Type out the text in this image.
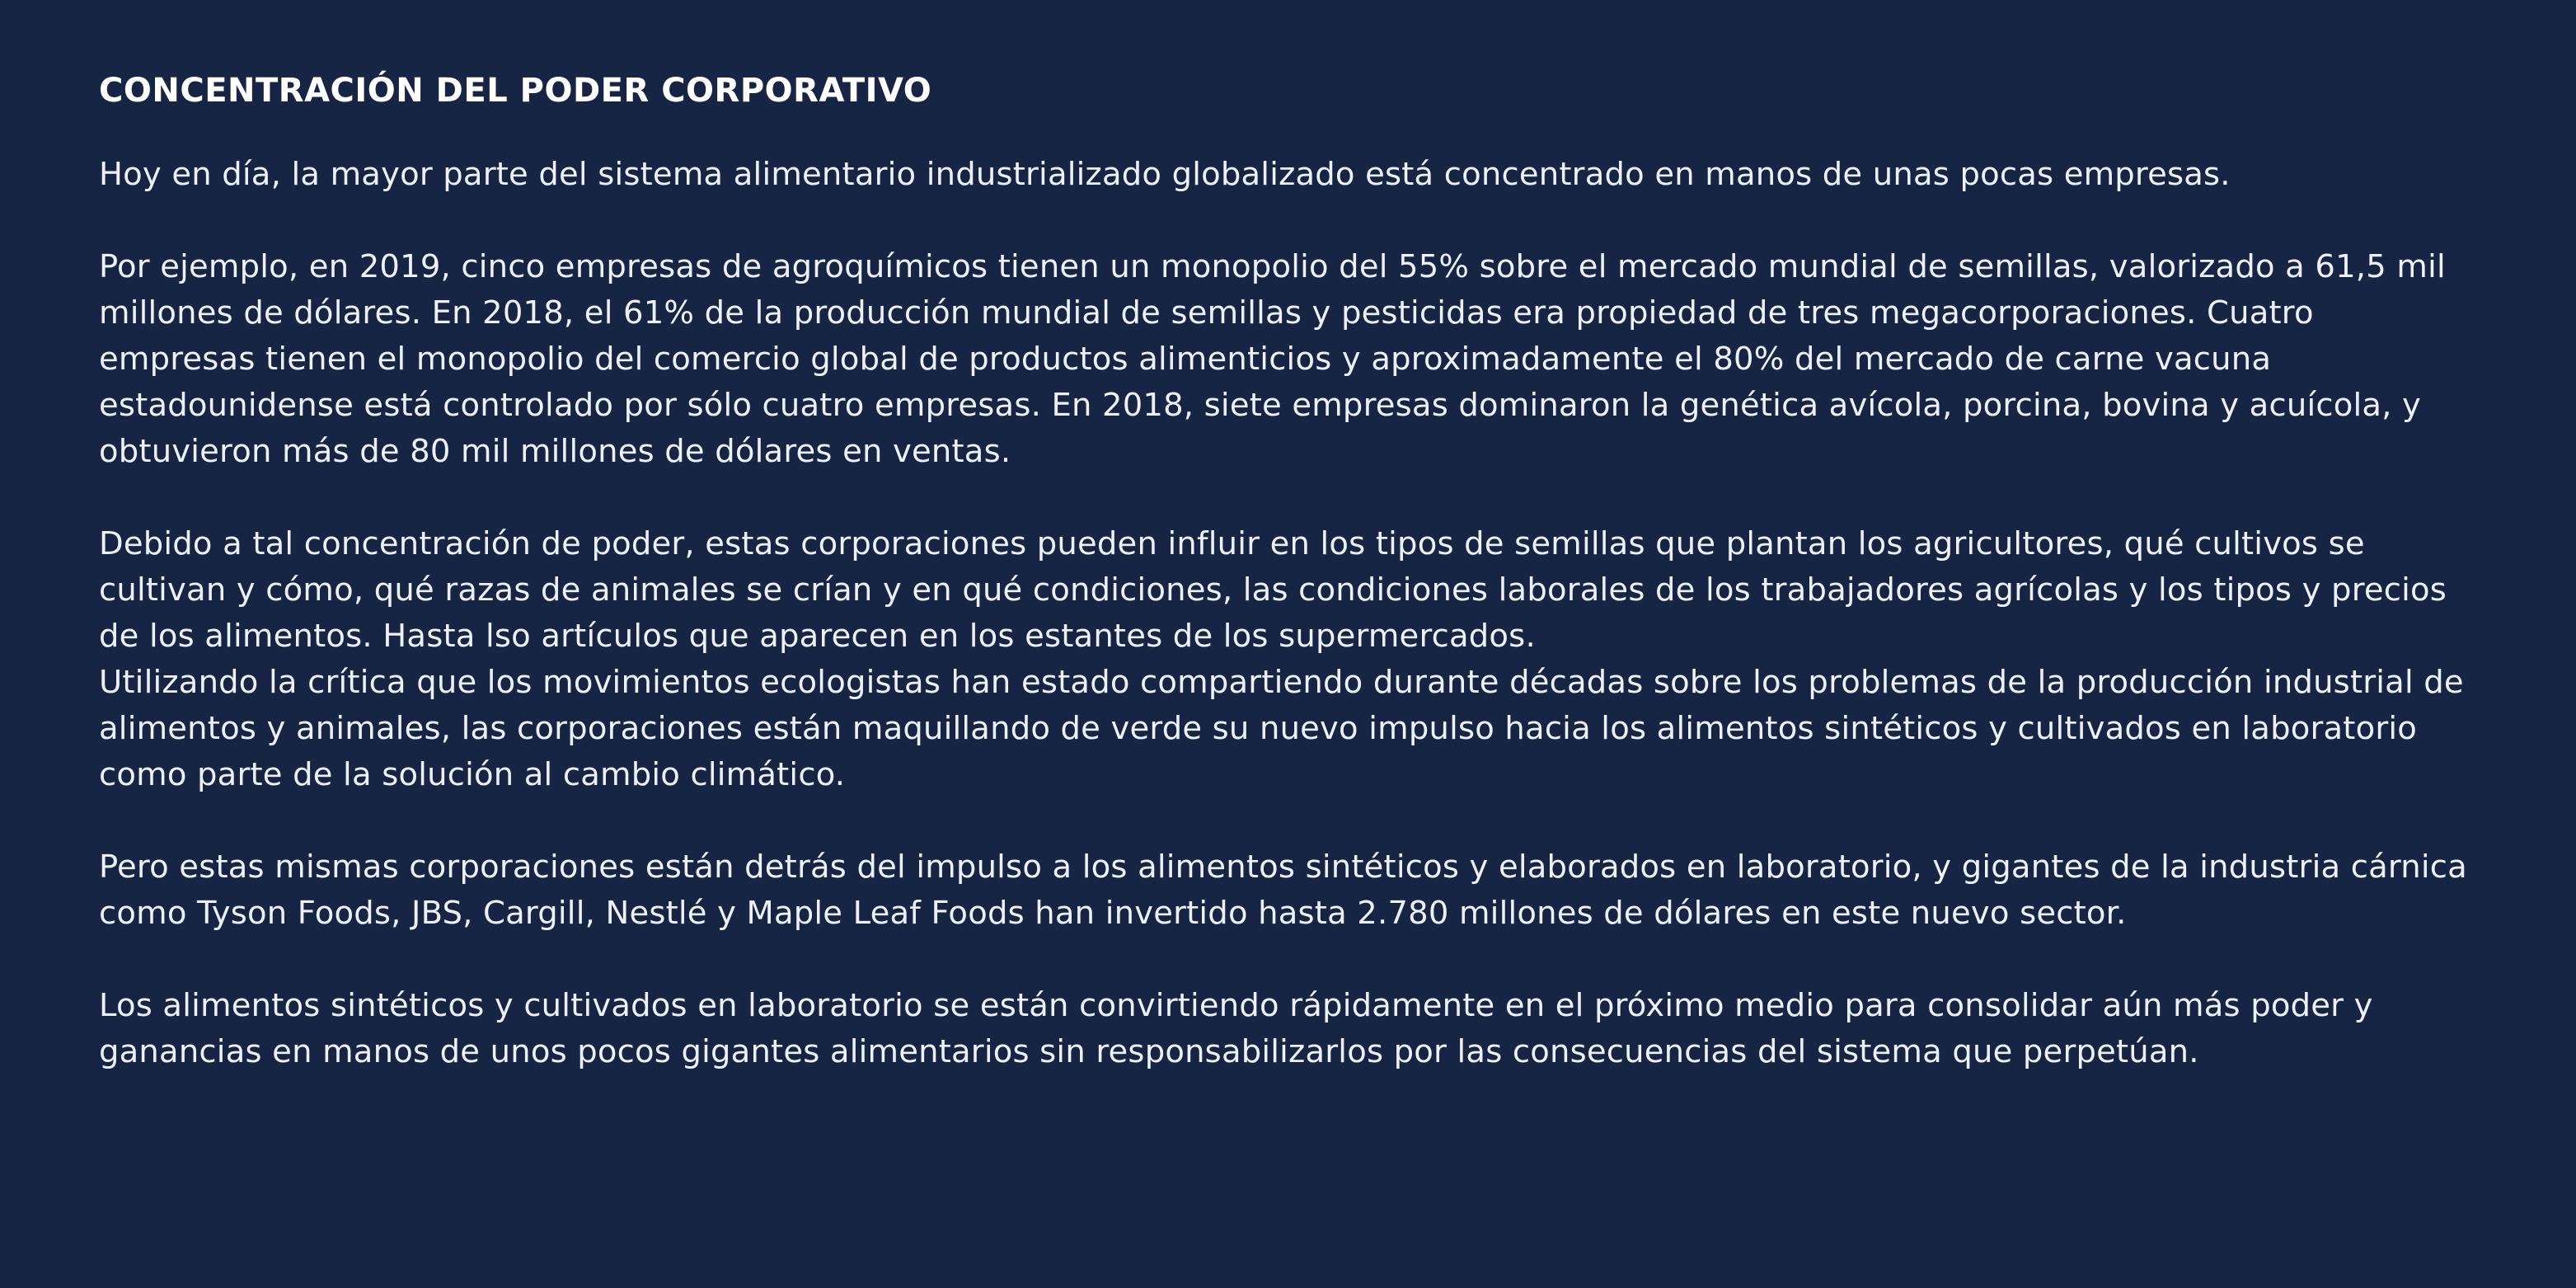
CONCENTRACIÓN DEL PODER CORPORATIVO

Hoy en día, la mayor parte del sistema alimentario industrializado globalizado está concentrado en manos de unas pocas empresas.

Por ejemplo, en 2019, cinco empresas de agroquímicos tienen un monopolio del 55% sobre el mercado mundial de semillas, valorizado a 61,5 mil millones de dólares. En 2018, el 61% de la producción mundial de semillas y pesticidas era propiedad de tres megacorporaciones. Cuatro empresas tienen el monopolio del comercio global de productos alimenticios y aproximadamente el 80% del mercado de carne vacuna estadounidense está controlado por sólo cuatro empresas. En 2018, siete empresas dominaron la genética avícola, porcina, bovina y acuícola, y obtuvieron más de 80 mil millones de dólares en ventas.

Debido a tal concentración de poder, estas corporaciones pueden influir en los tipos de semillas que plantan los agricultores, qué cultivos se cultivan y cómo, qué razas de animales se crían y en qué condiciones, las condiciones laborales de los trabajadores agrícolas y los tipos y precios de los alimentos. Hasta lso artículos que aparecen en los estantes de los supermercados.

Utilizando la crítica que los movimientos ecologistas han estado compartiendo durante décadas sobre los problemas de la producción industrial de alimentos y animales, las corporaciones están maquillando de verde su nuevo impulso hacia los alimentos sintéticos y cultivados en laboratorio como parte de la solución al cambio climático.

Pero estas mismas corporaciones están detrás del impulso a los alimentos sintéticos y elaborados en laboratorio, y gigantes de la industria cárnica como Tyson Foods, JBS, Cargill, Nestlé y Maple Leaf Foods han invertido hasta 2.780 millones de dólares en este nuevo sector.

Los alimentos sintéticos y cultivados en laboratorio se están convirtiendo rápidamente en el próximo medio para consolidar aún más poder y ganancias en manos de unos pocos gigantes alimentarios sin responsabilizarlos por las consecuencias del sistema que perpetúan.
